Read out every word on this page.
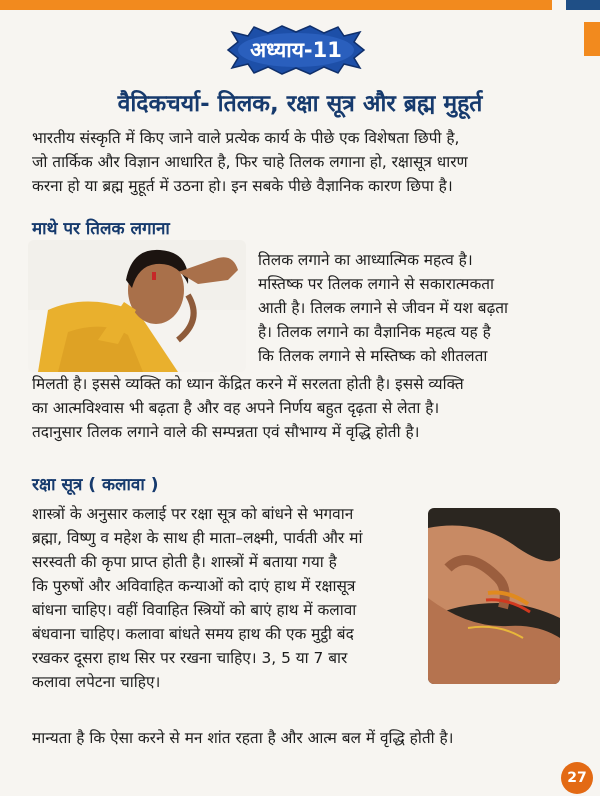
अध्याय-11
वैदिकचर्या- तिलक, रक्षा सूत्र और ब्रह्म मुहूर्त
भारतीय संस्कृति में किए जाने वाले प्रत्येक कार्य के पीछे एक विशेषता छिपी है,
जो तार्किक और विज्ञान आधारित है, फिर चाहे तिलक लगाना हो, रक्षासूत्र धारण
करना हो या ब्रह्म मुहूर्त में उठना हो। इन सबके पीछे वैज्ञानिक कारण छिपा है।
माथे पर तिलक लगाना
तिलक लगाने का आध्यात्मिक महत्व है।
मस्तिष्क पर तिलक लगाने से सकारात्मकता
आती है। तिलक लगाने से जीवन में यश बढ़ता
है। तिलक लगाने का वैज्ञानिक महत्व यह है
कि तिलक लगाने से मस्तिष्क को शीतलता
मिलती है। इससे व्यक्ति को ध्यान केंद्रित करने में सरलता होती है। इससे व्यक्ति
का आत्मविश्वास भी बढ़ता है और वह अपने निर्णय बहुत दृढ़ता से लेता है।
तदानुसार तिलक लगाने वाले की सम्पन्नता एवं सौभाग्य में वृद्धि होती है।
रक्षा सूत्र ( कलावा )
शास्त्रों के अनुसार कलाई पर रक्षा सूत्र को बांधने से भगवान
ब्रह्मा, विष्णु व महेश के साथ ही माता–लक्ष्मी, पार्वती और मां
सरस्वती की कृपा प्राप्त होती है। शास्त्रों में बताया गया है
कि पुरुषों और अविवाहित कन्याओं को दाएं हाथ में रक्षासूत्र
बांधना चाहिए। वहीं विवाहित स्त्रियों को बाएं हाथ में कलावा
बंधवाना चाहिए। कलावा बांधते समय हाथ की एक मुट्ठी बंद
रखकर दूसरा हाथ सिर पर रखना चाहिए। 3, 5 या 7 बार
कलावा लपेटना चाहिए।
मान्यता है कि ऐसा करने से मन शांत रहता है और आत्म बल में वृद्धि होती है।
27
